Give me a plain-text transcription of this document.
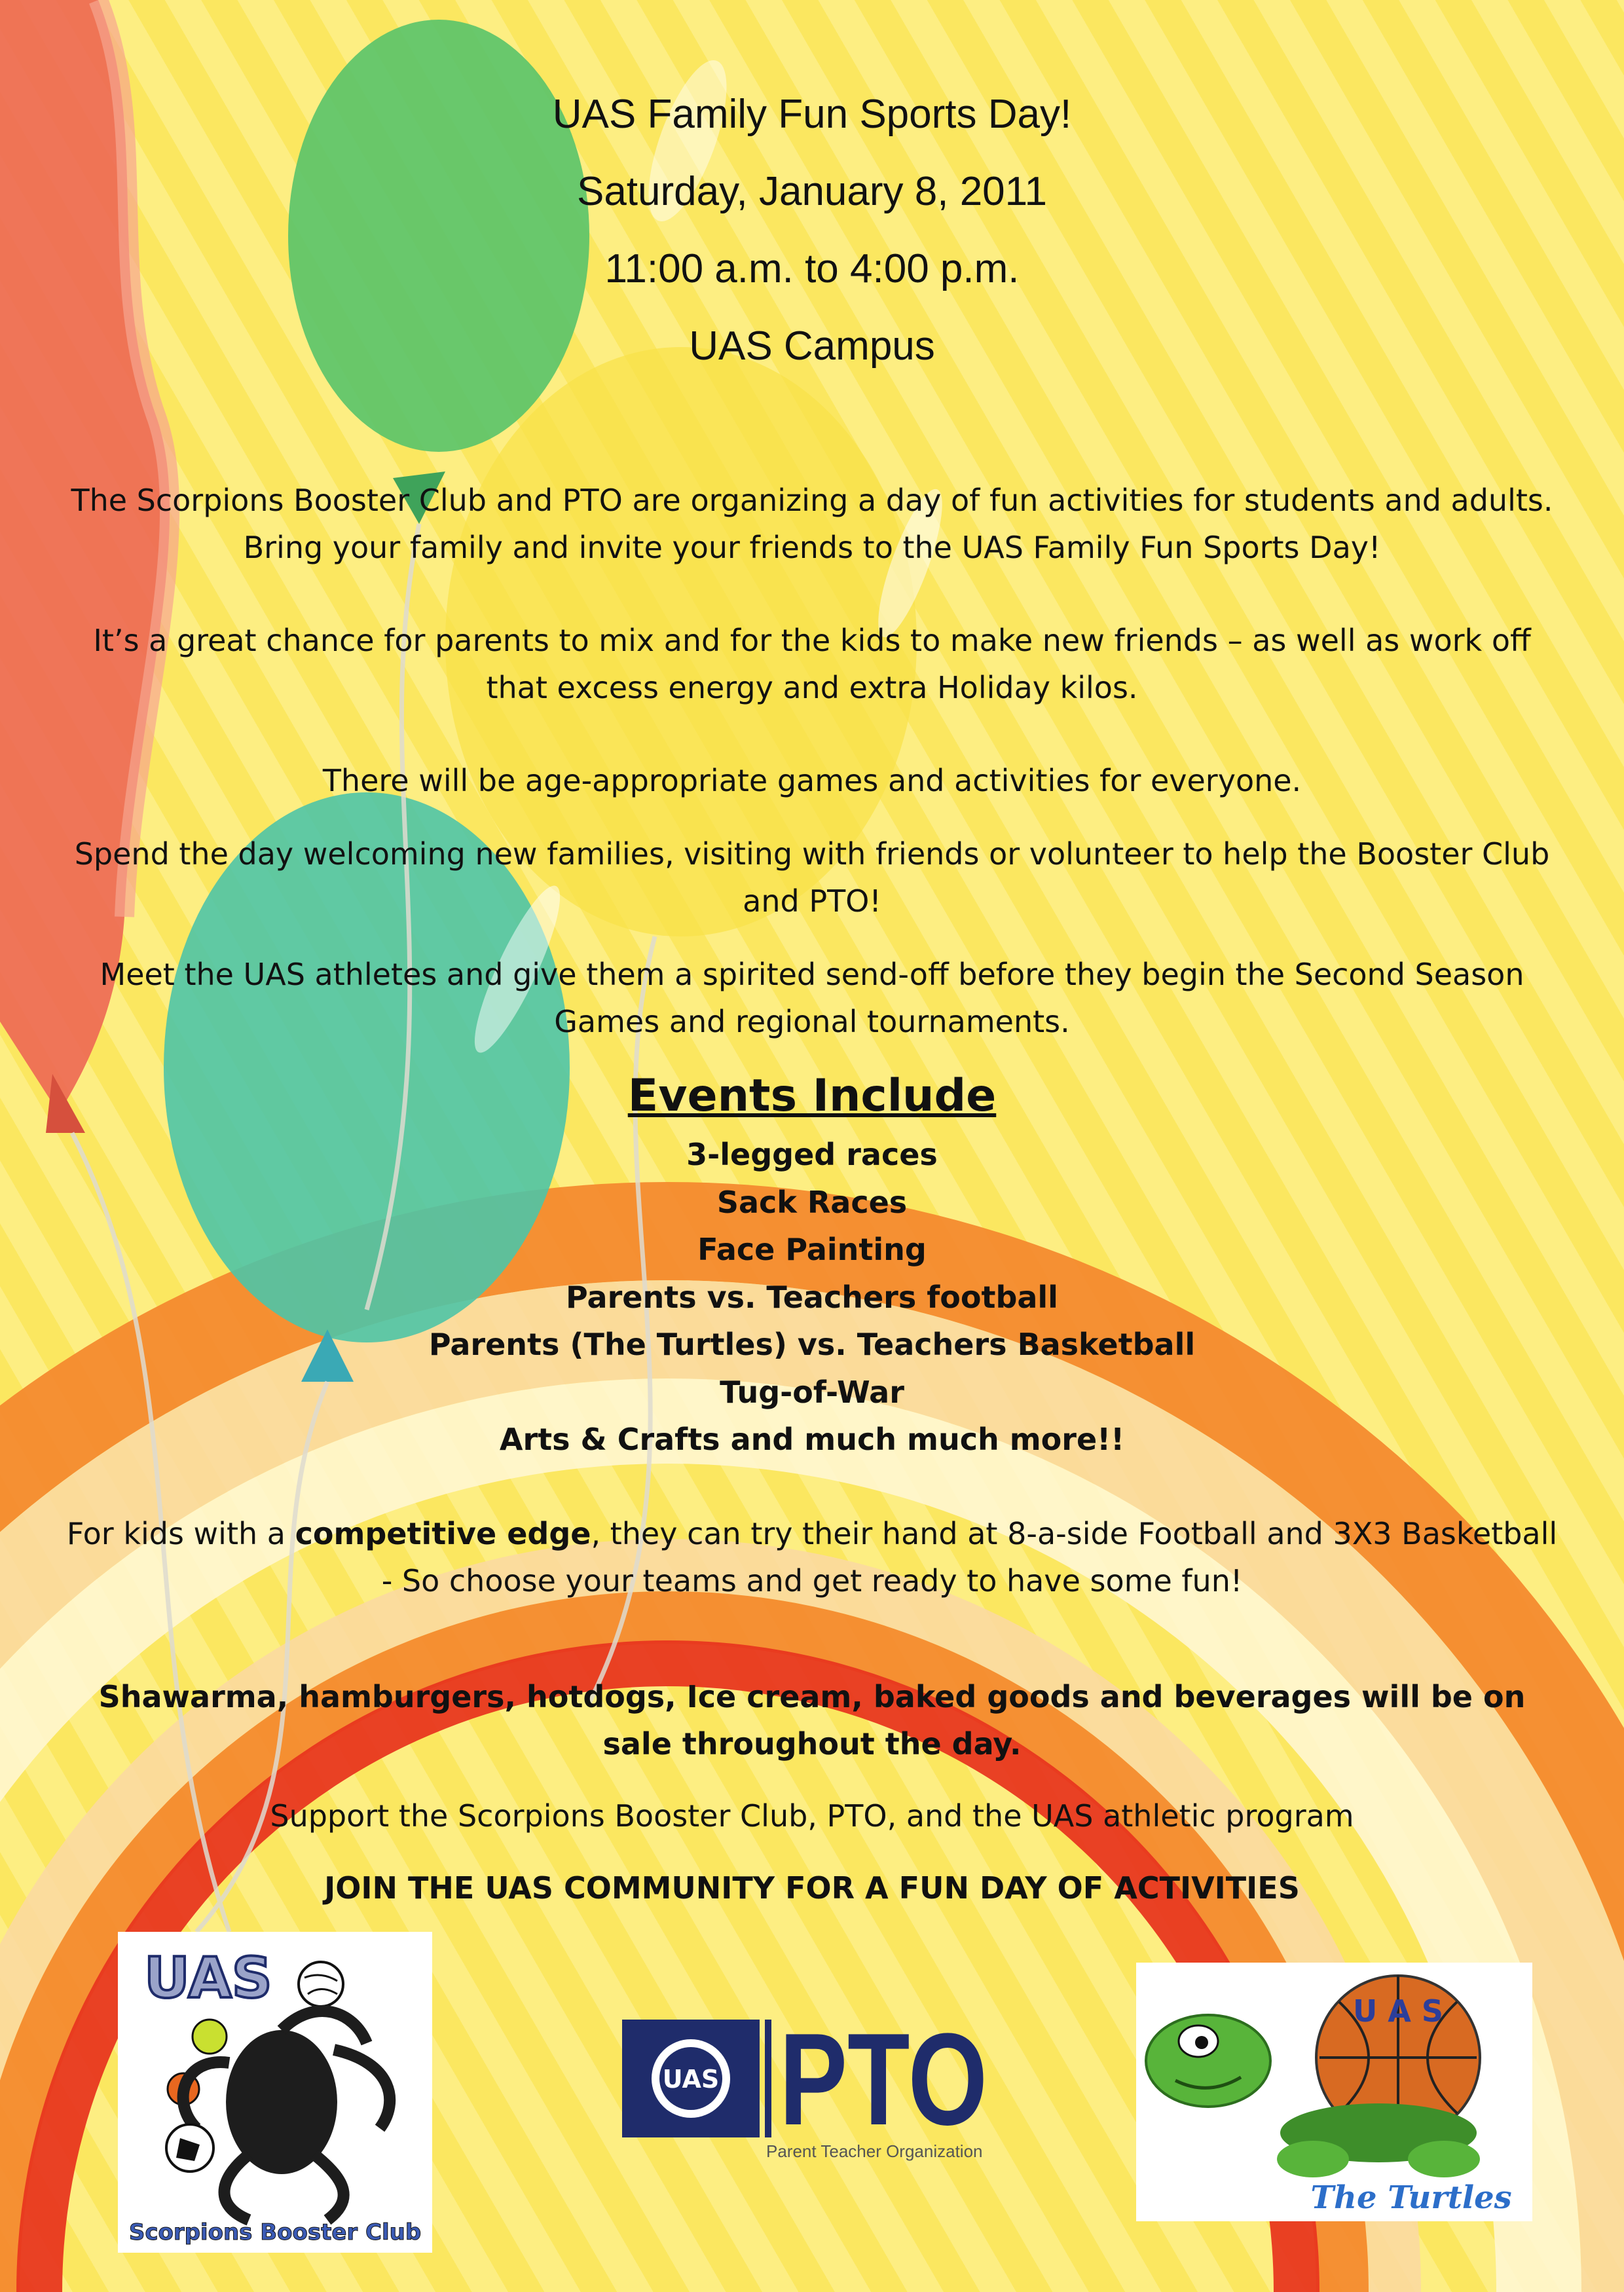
UAS Family Fun Sports Day!

Saturday, January 8, 2011

11:00 a.m. to 4:00 p.m.

UAS Campus

The Scorpions Booster Club and PTO are organizing a day of fun activities for students and adults. Bring your family and invite your friends to the UAS Family Fun Sports Day!

It’s a great chance for parents to mix and for the kids to make new friends – as well as work off that excess energy and extra Holiday kilos.

There will be age-appropriate games and activities for everyone.

Spend the day welcoming new families, visiting with friends or volunteer to help the Booster Club and PTO!

Meet the UAS athletes and give them a spirited send-off before they begin the Second Season Games and regional tournaments.

Events Include
3-legged races
Sack Races
Face Painting
Parents vs. Teachers football
Parents (The Turtles) vs. Teachers Basketball
Tug-of-War
Arts & Crafts and much much more!!

For kids with a competitive edge, they can try their hand at 8-a-side Football and 3X3 Basketball - So choose your teams and get ready to have some fun!

Shawarma, hamburgers, hotdogs, Ice cream, baked goods and beverages will be on sale throughout the day.

Support the Scorpions Booster Club, PTO, and the UAS athletic program

JOIN THE UAS COMMUNITY FOR A FUN DAY OF ACTIVITIES

UAS
Scorpions Booster Club
UAS PTO
Parent Teacher Organization
U A S
The Turtles
